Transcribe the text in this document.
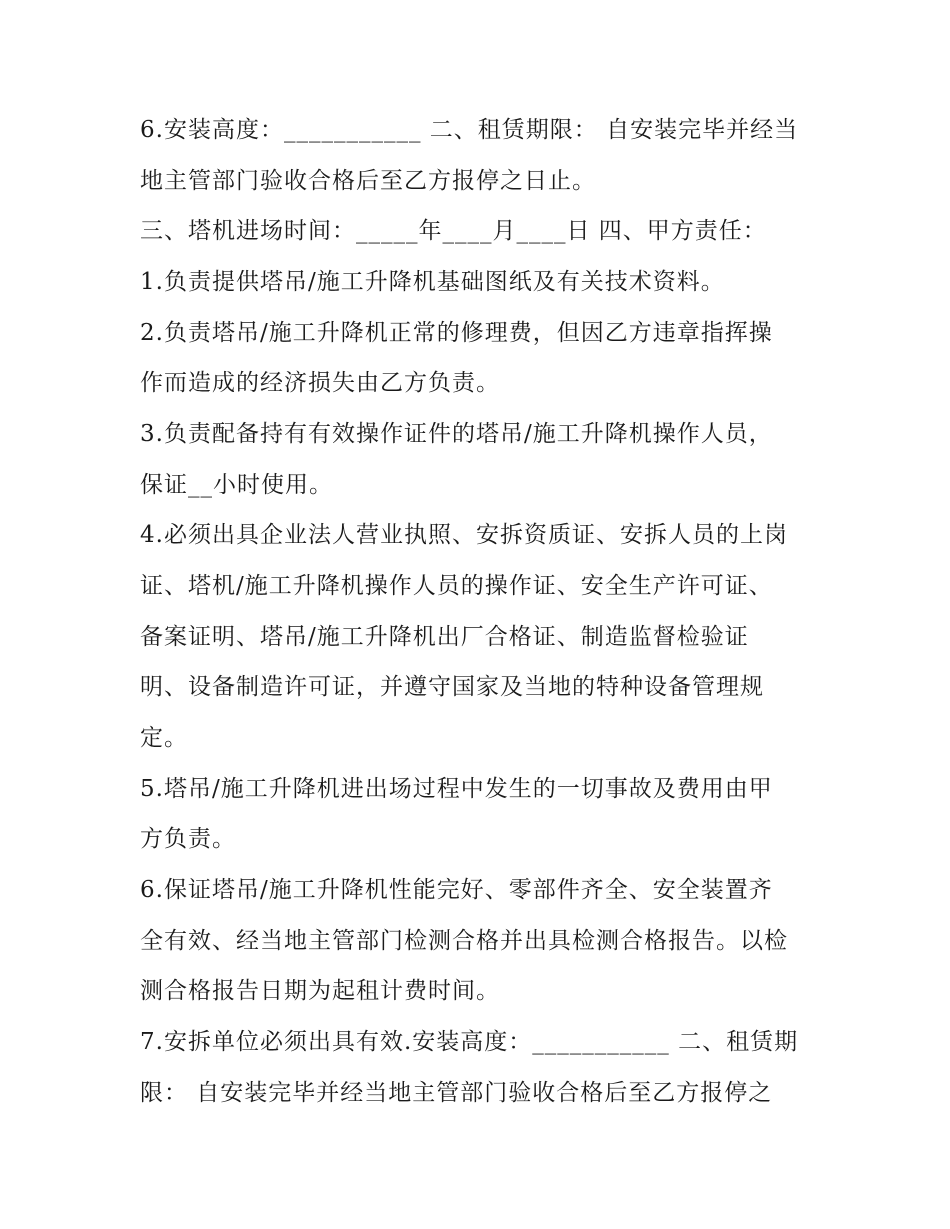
6.安装高度：___________ 二、租赁期限： 自安装完毕并经当
地主管部门验收合格后至乙方报停之日止。
三、塔机进场时间：_____年____月____日 四、甲方责任：
1.负责提供塔吊/施工升降机基础图纸及有关技术资料。
2.负责塔吊/施工升降机正常的修理费，但因乙方违章指挥操
作而造成的经济损失由乙方负责。
3.负责配备持有有效操作证件的塔吊/施工升降机操作人员，
保证__小时使用。
4.必须出具企业法人营业执照、安拆资质证、安拆人员的上岗
证、塔机/施工升降机操作人员的操作证、安全生产许可证、
备案证明、塔吊/施工升降机出厂合格证、制造监督检验证
明、设备制造许可证，并遵守国家及当地的特种设备管理规
定。
5.塔吊/施工升降机进出场过程中发生的一切事故及费用由甲
方负责。
6.保证塔吊/施工升降机性能完好、零部件齐全、安全装置齐
全有效、经当地主管部门检测合格并出具检测合格报告。以检
测合格报告日期为起租计费时间。
7.安拆单位必须出具有效.安装高度：___________ 二、租赁期
限： 自安装完毕并经当地主管部门验收合格后至乙方报停之
